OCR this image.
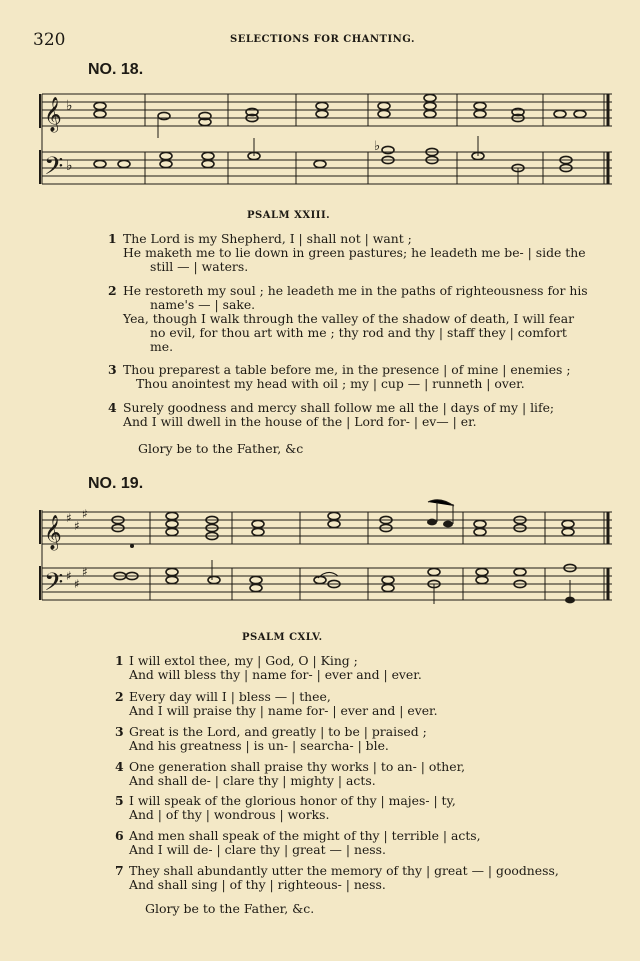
320	SELECTIONS FOR CHANTING.
NO. 18.
𝄞
𝄢
♭
♭
♭
PSALM XXIII.
1 The Lord is my Shepherd, I | shall not | want ;
He maketh me to lie down in green pastures; he leadeth me be- | side the
still — | waters.
2 He restoreth my soul ; he leadeth me in the paths of righteousness for his
name's — | sake.
Yea, though I walk through the valley of the shadow of death, I will fear
no evil, for thou art with me ; thy rod and thy | staff they | comfort
me.
3 Thou preparest a table before me, in the presence | of mine | enemies ;
Thou anointest my head with oil ; my | cup — | runneth | over.
4 Surely goodness and mercy shall follow me all the | days of my | life;
And I will dwell in the house of the | Lord for- | ev— | er.
Glory be to the Father, &c
NO. 19.
𝄞
𝄢
♯
♯
♯
♯
♯
♯
PSALM CXLV.
1 I will extol thee, my | God, O | King ;
And will bless thy | name for- | ever and | ever.
2 Every day will I | bless — | thee,
And I will praise thy | name for- | ever and | ever.
3 Great is the Lord, and greatly | to be | praised ;
And his greatness | is un- | searcha- | ble.
4 One generation shall praise thy works | to an- | other,
And shall de- | clare thy | mighty | acts.
5 I will speak of the glorious honor of thy | majes- | ty,
And | of thy | wondrous | works.
6 And men shall speak of the might of thy | terrible | acts,
And I will de- | clare thy | great — | ness.
7 They shall abundantly utter the memory of thy | great — | goodness,
And shall sing | of thy | righteous- | ness.
Glory be to the Father, &c.
